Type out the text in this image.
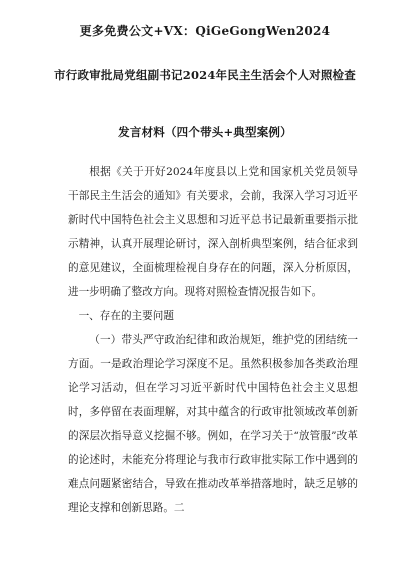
更多免费公文+VX：QiGeGongWen2024
市行政审批局党组副书记2024年民主生活会个人对照检查
发言材料（四个带头+典型案例）

根据《关于开好2024年度县以上党和国家机关党员领导干部民主生活会的通知》有关要求，会前，我深入学习习近平新时代中国特色社会主义思想和习近平总书记最新重要指示批示精神，认真开展理论研讨，深入剖析典型案例，结合征求到的意见建议，全面梳理检视自身存在的问题，深入分析原因，进一步明确了整改方向。现将对照检查情况报告如下。

一、存在的主要问题

（一）带头严守政治纪律和政治规矩，维护党的团结统一方面。一是政治理论学习深度不足。虽然积极参加各类政治理论学习活动，但在学习习近平新时代中国特色社会主义思想时，多停留在表面理解，对其中蕴含的行政审批领域改革创新的深层次指导意义挖掘不够。例如，在学习关于“放管服”改革的论述时，未能充分将理论与我市行政审批实际工作中遇到的难点问题紧密结合，导致在推动改革举措落地时，缺乏足够的理论支撑和创新思路。二
